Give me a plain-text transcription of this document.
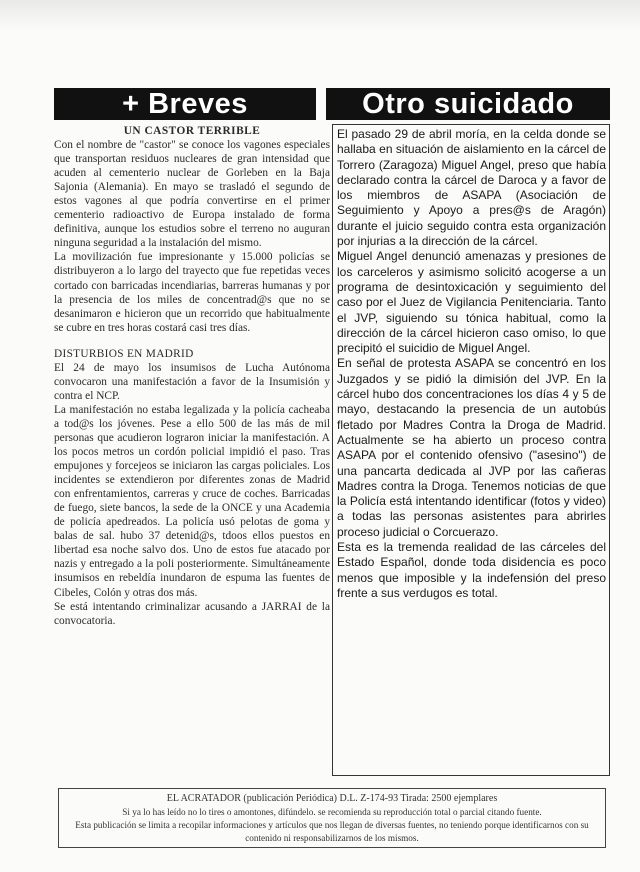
+ Breves	Otro suicidado

UN CASTOR TERRIBLE

Con el nombre de "castor" se conoce los vagones especiales que transportan residuos nucleares de gran intensidad que acuden al cementerio nuclear de Gorleben en la Baja Sajonia (Alemania). En mayo se trasladó el segundo de estos vagones al que podría convertirse en el primer cementerio radioactivo de Europa instalado de forma definitiva, aunque los estudios sobre el terreno no auguran ninguna seguridad a la instalación del mismo.

La movilización fue impresionante y 15.000 policías se distribuyeron a lo largo del trayecto que fue repetidas veces cortado con barricadas incendiarias, barreras humanas y por la presencia de los miles de concentrad@s que no se desanimaron e hicieron que un recorrido que habitualmente se cubre en tres horas costará casi tres días.

DISTURBIOS EN MADRID

El 24 de mayo los insumisos de Lucha Autónoma convocaron una manifestación a favor de la Insumisión y contra el NCP.

La manifestación no estaba legalizada y la policía cacheaba a tod@s los jóvenes. Pese a ello 500 de las más de mil personas que acudieron lograron iniciar la manifestación. A los pocos metros un cordón policial impidió el paso. Tras empujones y forcejeos se iniciaron las cargas policiales. Los incidentes se extendieron por diferentes zonas de Madrid con enfrentamientos, carreras y cruce de coches. Barricadas de fuego, siete bancos, la sede de la ONCE y una Academia de policía apedreados. La policía usó pelotas de goma y balas de sal. hubo 37 detenid@s, tdoos ellos puestos en libertad esa noche salvo dos. Uno de estos fue atacado por nazis y entregado a la poli posteriormente. Simultáneamente insumisos en rebeldía inundaron de espuma las fuentes de Cibeles, Colón y otras dos más.

Se está intentando criminalizar acusando a JARRAI de la convocatoria.

El pasado 29 de abril moría, en la celda donde se hallaba en situación de aislamiento en la cárcel de Torrero (Zaragoza) Miguel Angel, preso que había declarado contra la cárcel de Daroca y a favor de los miembros de ASAPA (Asociación de Seguimiento y Apoyo a pres@s de Aragón) durante el juicio seguido contra esta organización por injurias a la dirección de la cárcel.

Miguel Angel denunció amenazas y presiones de los carceleros y asimismo solicitó acogerse a un programa de desintoxicación y seguimiento del caso por el Juez de Vigilancia Penitenciaria. Tanto el JVP, siguiendo su tónica habitual, como la dirección de la cárcel hicieron caso omiso, lo que precipitó el suicidio de Miguel Angel.

En señal de protesta ASAPA se concentró en los Juzgados y se pidió la dimisión del JVP. En la cárcel hubo dos concentraciones los días 4 y 5 de mayo, destacando la presencia de un autobús fletado por Madres Contra la Droga de Madrid. Actualmente se ha abierto un proceso contra ASAPA por el contenido ofensivo ("asesino") de una pancarta dedicada al JVP por las cañeras Madres contra la Droga. Tenemos noticias de que la Policía está intentando identificar (fotos y video) a todas las personas asistentes para abrirles proceso judicial o Corcuerazo.

Esta es la tremenda realidad de las cárceles del Estado Español, donde toda disidencia es poco menos que imposible y la indefensión del preso frente a sus verdugos es total.

EL ACRATADOR (publicación Periódica) D.L. Z-174-93 Tirada: 2500 ejemplares
Si ya lo has leído no lo tires o amontones, difúndelo. se recomienda su reproducción total o parcial citando fuente.
Esta publicación se limita a recopilar informaciones y artículos que nos llegan de diversas fuentes, no teniendo porque identificarnos con su contenido ni responsabilizarnos de los mismos.
